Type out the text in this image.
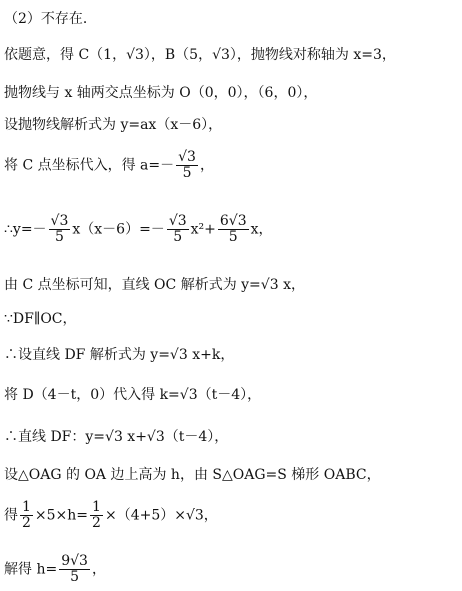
（2）不存在．
依题意，得 C（1，√3），B（5，√3），抛物线对称轴为 x=3，
抛物线与 x 轴两交点坐标为 O（0，0），（6，0），
设抛物线解析式为 y=ax（x－6），
将 C 点坐标代入，得 $a=- \frac{√3}{5}$ ，
∴y=－ $\frac{√3}{5} x(x-6)=- \frac{√3}{5} x^2+ \frac{6√3}{5}$ x，
由 C 点坐标可知，直线 OC 解析式为 y=√3 x，
∵DF∥OC，
∴设直线 DF 解析式为 y=√3 x+k，
将 D（4－t，0）代入得 k=√3（t－4），
∴直线 DF：y=√3 x+√3（t－4），
设△OAG 的 OA 边上高为 h，由 S△OAG=S 梯形 OABC，
得 $\frac{1}{2} \times 5\times h= \frac{1}{2} \times(4+5)\times√3$，
解得 $h= \frac{9√3}{5}$ ，
